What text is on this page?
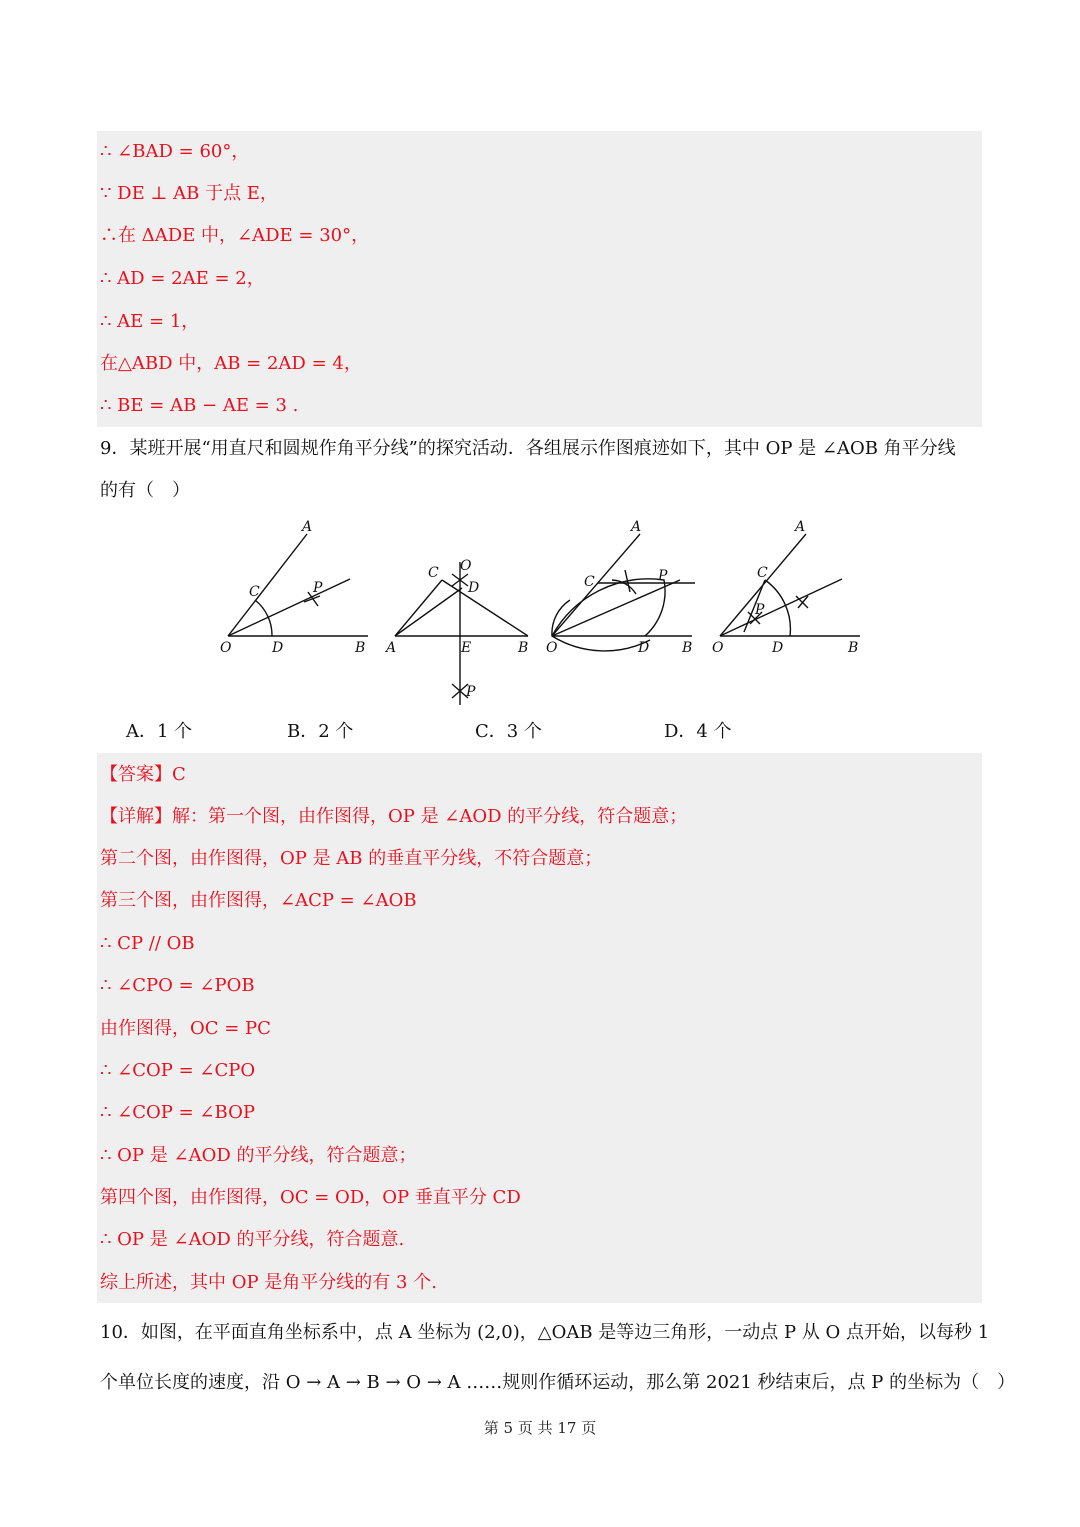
∴ ∠BAD = 60°，
∵ DE ⊥ AB 于点 E，
∴在 ΔADE 中，∠ADE = 30°，
∴ AD = 2AE = 2，
∴ AE = 1，
在△ABD 中，AB = 2AD = 4，
∴ BE = AB − AE = 3 .
9．某班开展“用直尺和圆规作角平分线”的探究活动．各组展示作图痕迹如下，其中 OP 是 ∠AOB 角平分线
的有（　）
A
C	P
O	D	B
O
C
D
A	E	B
P
A
C	P
O	D B
A
C
P
O	D	B
A．1 个	B．2 个	C．3 个	D．4 个
【答案】C
【详解】解：第一个图，由作图得，OP 是 ∠AOD 的平分线，符合题意；
第二个图，由作图得，OP 是 AB 的垂直平分线，不符合题意；
第三个图，由作图得，∠ACP = ∠AOB
∴ CP // OB
∴ ∠CPO = ∠POB
由作图得，OC = PC
∴ ∠COP = ∠CPO
∴ ∠COP = ∠BOP
∴ OP 是 ∠AOD 的平分线，符合题意；
第四个图，由作图得，OC = OD，OP 垂直平分 CD
∴ OP 是 ∠AOD 的平分线，符合题意.
综上所述，其中 OP 是角平分线的有 3 个.
10．如图，在平面直角坐标系中，点 A 坐标为 (2,0)，△OAB 是等边三角形，一动点 P 从 O 点开始，以每秒 1
个单位长度的速度，沿 O → A → B → O → A ……规则作循环运动，那么第 2021 秒结束后，点 P 的坐标为（　）
第 5 页 共 17 页
